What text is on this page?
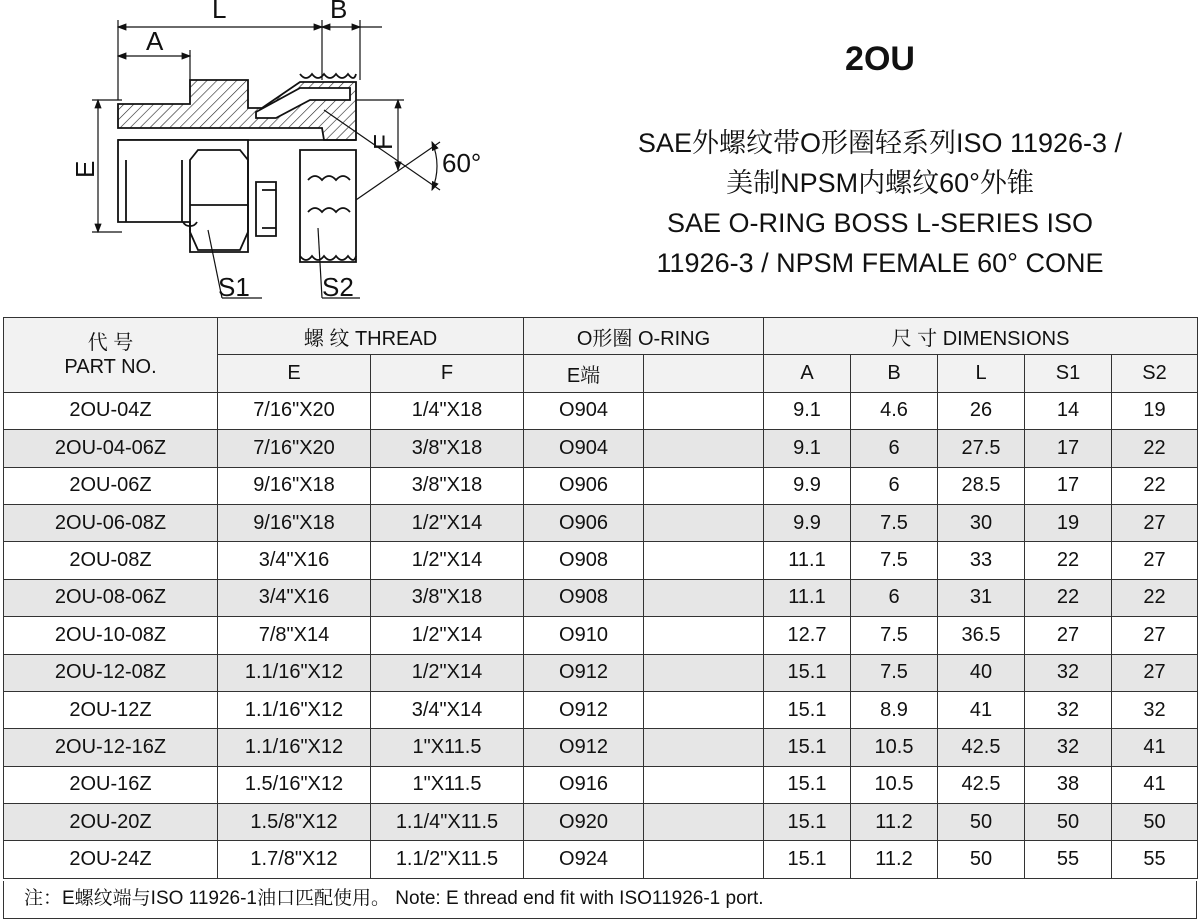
L	B
A
E
F
60°
S1	S2
2OU
SAE外螺纹带O形圈轻系列ISO 11926-3 /
美制NPSM内螺纹60°外锥
SAE O-RING BOSS L-SERIES ISO
11926-3 / NPSM FEMALE 60° CONE
代 号
PART NO.	螺 纹 THREAD		O形圈 O-RING		尺 寸 DIMENSIONS				
	E	F	E端		A	B	L	S1	S2
2OU-04Z	7/16"X20	1/4"X18	O904		9.1	4.6	26	14	19
2OU-04-06Z	7/16"X20	3/8"X18	O904		9.1	6	27.5	17	22
2OU-06Z	9/16"X18	3/8"X18	O906		9.9	6	28.5	17	22
2OU-06-08Z	9/16"X18	1/2"X14	O906		9.9	7.5	30	19	27
2OU-08Z	3/4"X16	1/2"X14	O908		11.1	7.5	33	22	27
2OU-08-06Z	3/4"X16	3/8"X18	O908		11.1	6	31	22	22
2OU-10-08Z	7/8"X14	1/2"X14	O910		12.7	7.5	36.5	27	27
2OU-12-08Z	1.1/16"X12	1/2"X14	O912		15.1	7.5	40	32	27
2OU-12Z	1.1/16"X12	3/4"X14	O912		15.1	8.9	41	32	32
2OU-12-16Z	1.1/16"X12	1"X11.5	O912		15.1	10.5	42.5	32	41
2OU-16Z	1.5/16"X12	1"X11.5	O916		15.1	10.5	42.5	38	41
2OU-20Z	1.5/8"X12	1.1/4"X11.5	O920		15.1	11.2	50	50	50
2OU-24Z	1.7/8"X12	1.1/2"X11.5	O924		15.1	11.2	50	55	55
注：E螺纹端与ISO 11926-1油口匹配使用。 Note: E thread end fit with ISO11926-1 port.
